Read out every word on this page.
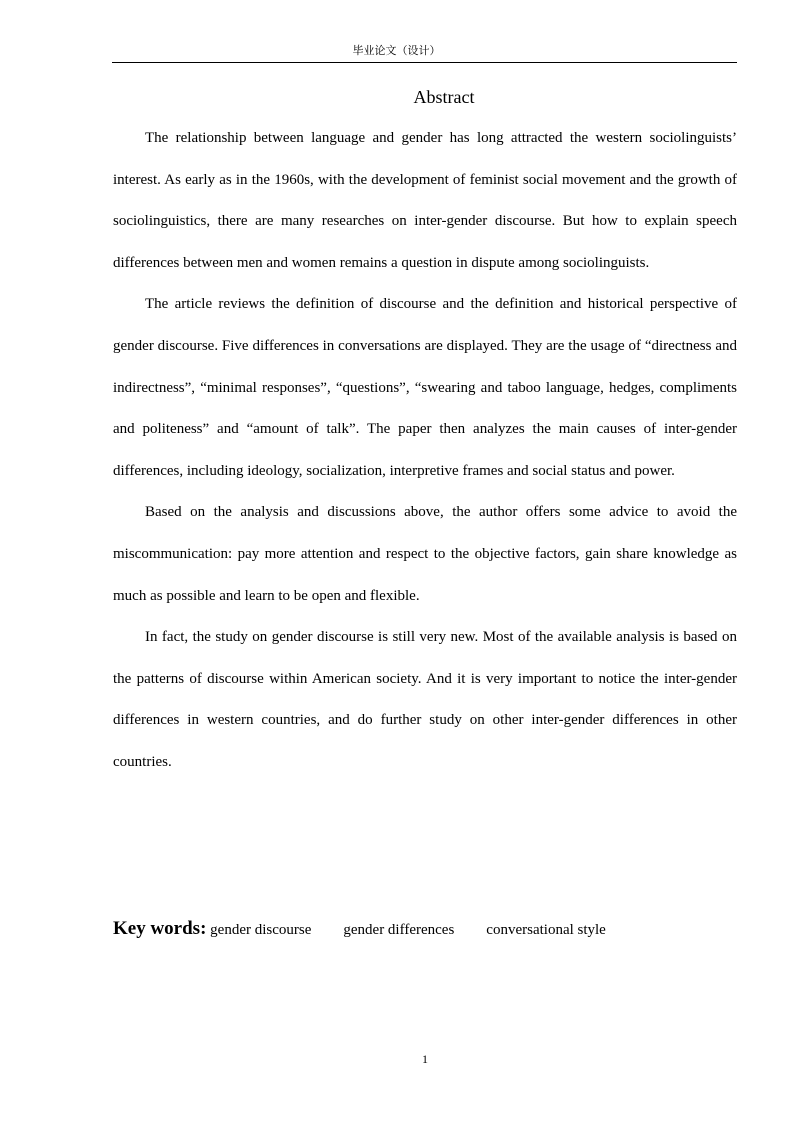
毕业论文（设计）
Abstract

The relationship between language and gender has long attracted the western sociolinguists’ interest. As early as in the 1960s, with the development of feminist social movement and the growth of sociolinguistics, there are many researches on inter-gender discourse. But how to explain speech differences between men and women remains a question in dispute among sociolinguists.

The article reviews the definition of discourse and the definition and historical perspective of gender discourse. Five differences in conversations are displayed. They are the usage of “directness and indirectness”, “minimal responses”, “questions”, “swearing and taboo language, hedges, compliments and politeness” and “amount of talk”. The paper then analyzes the main causes of inter-gender differences, including ideology, socialization, interpretive frames and social status and power.

Based on the analysis and discussions above, the author offers some advice to avoid the miscommunication: pay more attention and respect to the objective factors, gain share knowledge as much as possible and learn to be open and flexible.

In fact, the study on gender discourse is still very new. Most of the available analysis is based on the patterns of discourse within American society. And it is very important to notice the inter-gender differences in western countries, and do further study on other inter-gender differences in other countries.

Key words: gender discourse gender differences conversational style
1
